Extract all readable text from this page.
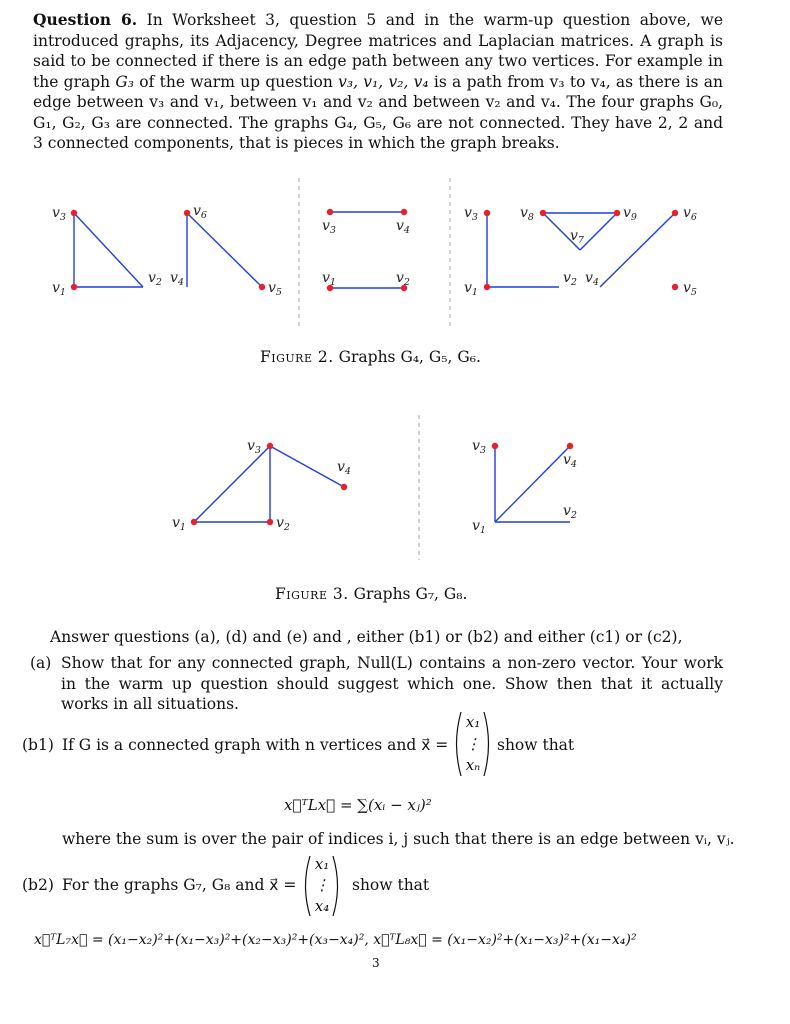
Question 6. In Worksheet 3, question 5 and in the warm-up question above, we introduced graphs, its Adjacency, Degree matrices and Laplacian matrices. A graph is said to be connected if there is an edge path between any two vertices. For example in the graph G₃ of the warm up question v₃, v₁, v₂, v₄ is a path from v₃ to v₄, as there is an edge between v₃ and v₁, between v₁ and v₂ and between v₂ and v₄. The four graphs G₀, G₁, G₂, G₃ are connected. The graphs G₄, G₅, G₆ are not connected. They have 2, 2 and 3 connected components, that is pieces in which the graph breaks.
$v_3$
$v_1$
$v_2$ $v_4$
$v_6$
$v_5$
$v_3$	$v_4$
$v_1$	$v_2$
$v_3$
$v_1$
$v_8$	$v_9$	$v_6$
$v_7$
$v_2$ $v_4$	$v_5$
$v_1$	$v_2$
$v_3$
$v_4$
$v_3$
$v_4$
$v_1$
$v_2$
Figure 2. Graphs G₄, G₅, G₆.
Figure 3. Graphs G₇, G₈.
Answer questions (a), (d) and (e) and , either (b1) or (b2) and either (c1) or (c2),
(a) Show that for any connected graph, Null(L) contains a non-zero vector. Your work in the warm up question should suggest which one. Show then that it actually works in all situations.
(b1) If G is a connected graph with n vertices and x⃗ =
x₁
⋮
xₙ
show that
x⃗ᵀLx⃗ = ∑(xᵢ − xⱼ)²
where the sum is over the pair of indices i, j such that there is an edge between vᵢ, vⱼ.
(b2) For the graphs G₇, G₈ and x⃗ =
x₁
⋮
x₄
show that
x⃗ᵀL₇x⃗ = (x₁−x₂)²+(x₁−x₃)²+(x₂−x₃)²+(x₃−x₄)², x⃗ᵀL₈x⃗ = (x₁−x₂)²+(x₁−x₃)²+(x₁−x₄)²
3
